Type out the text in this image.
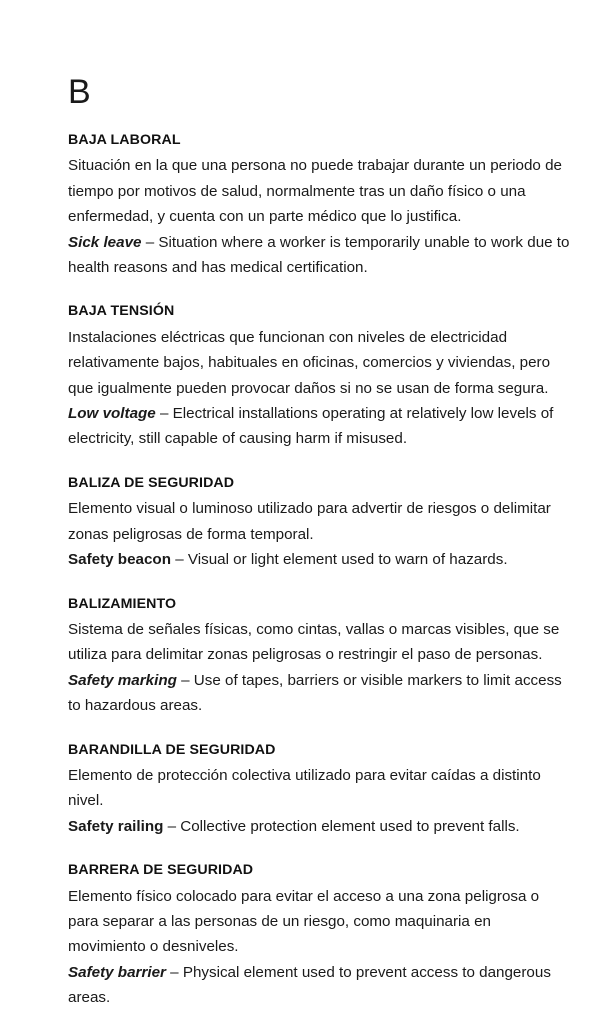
B
BAJA LABORAL
Situación en la que una persona no puede trabajar durante un periodo de tiempo por motivos de salud, normalmente tras un daño físico o una enfermedad, y cuenta con un parte médico que lo justifica.
Sick leave – Situation where a worker is temporarily unable to work due to health reasons and has medical certification.
BAJA TENSIÓN
Instalaciones eléctricas que funcionan con niveles de electricidad relativamente bajos, habituales en oficinas, comercios y viviendas, pero que igualmente pueden provocar daños si no se usan de forma segura.
Low voltage – Electrical installations operating at relatively low levels of electricity, still capable of causing harm if misused.
BALIZA DE SEGURIDAD
Elemento visual o luminoso utilizado para advertir de riesgos o delimitar zonas peligrosas de forma temporal.
Safety beacon – Visual or light element used to warn of hazards.
BALIZAMIENTO
Sistema de señales físicas, como cintas, vallas o marcas visibles, que se utiliza para delimitar zonas peligrosas o restringir el paso de personas.
Safety marking – Use of tapes, barriers or visible markers to limit access to hazardous areas.
BARANDILLA DE SEGURIDAD
Elemento de protección colectiva utilizado para evitar caídas a distinto nivel.
Safety railing – Collective protection element used to prevent falls.
BARRERA DE SEGURIDAD
Elemento físico colocado para evitar el acceso a una zona peligrosa o para separar a las personas de un riesgo, como maquinaria en movimiento o desniveles.
Safety barrier – Physical element used to prevent access to dangerous areas.
